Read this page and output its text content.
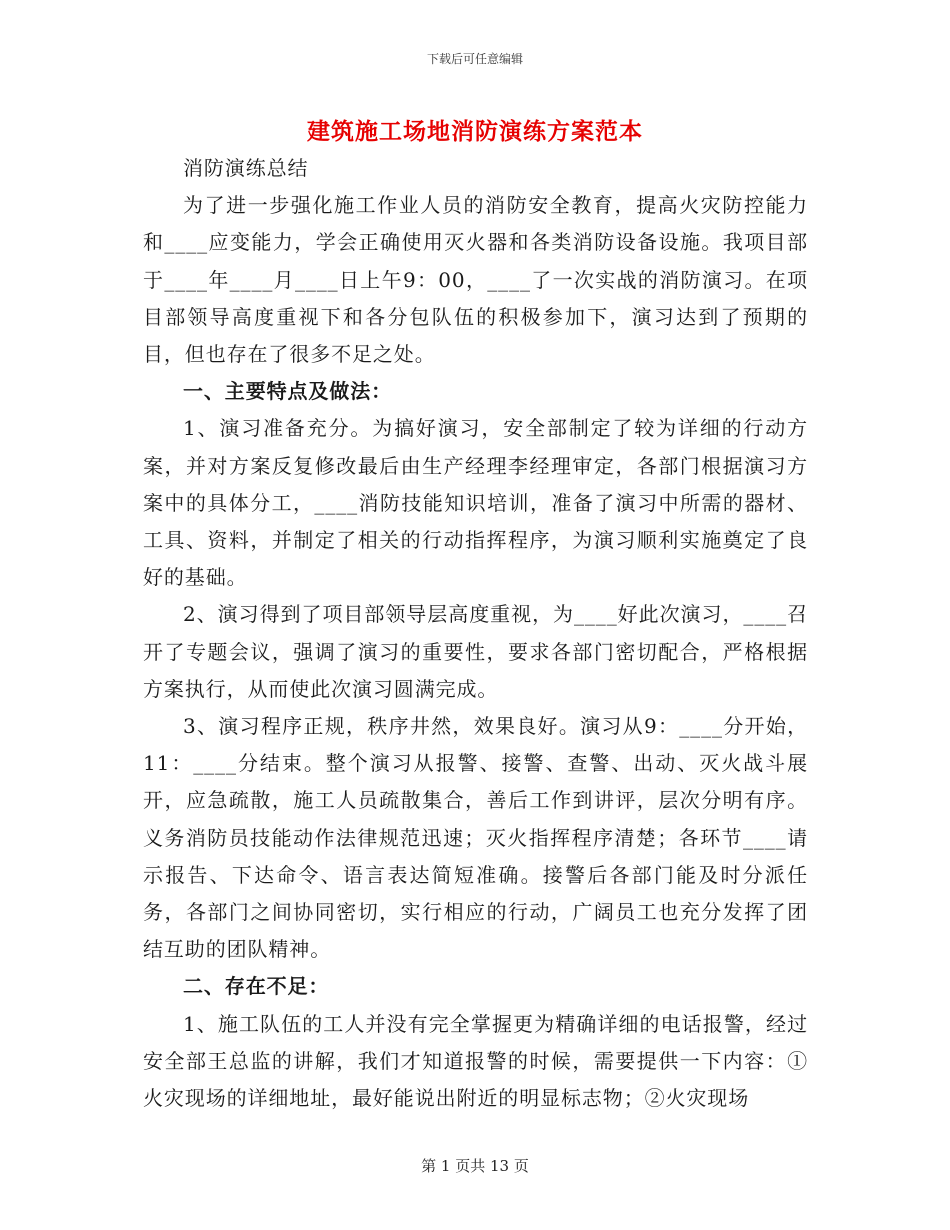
下载后可任意编辑
建筑施工场地消防演练方案范本

消防演练总结

为了进一步强化施工作业人员的消防安全教育，提高火灾防控能力和____应变能力，学会正确使用灭火器和各类消防设备设施。我项目部于____年____月____日上午9：00，____了一次实战的消防演习。在项目部领导高度重视下和各分包队伍的积极参加下，演习达到了预期的目，但也存在了很多不足之处。

一、主要特点及做法：

1、演习准备充分。为搞好演习，安全部制定了较为详细的行动方案，并对方案反复修改最后由生产经理李经理审定，各部门根据演习方案中的具体分工，____消防技能知识培训，准备了演习中所需的器材、工具、资料，并制定了相关的行动指挥程序，为演习顺利实施奠定了良好的基础。

2、演习得到了项目部领导层高度重视，为____好此次演习，____召开了专题会议，强调了演习的重要性，要求各部门密切配合，严格根据方案执行，从而使此次演习圆满完成。

3、演习程序正规，秩序井然，效果良好。演习从9：____分开始，11：____分结束。整个演习从报警、接警、查警、出动、灭火战斗展开，应急疏散，施工人员疏散集合，善后工作到讲评，层次分明有序。义务消防员技能动作法律规范迅速；灭火指挥程序清楚；各环节____请示报告、下达命令、语言表达简短准确。接警后各部门能及时分派任务，各部门之间协同密切，实行相应的行动，广阔员工也充分发挥了团结互助的团队精神。

二、存在不足：

1、施工队伍的工人并没有完全掌握更为精确详细的电话报警，经过安全部王总监的讲解，我们才知道报警的时候，需要提供一下内容：①火灾现场的详细地址，最好能说出附近的明显标志物；②火灾现场

第 1 页共 13 页
